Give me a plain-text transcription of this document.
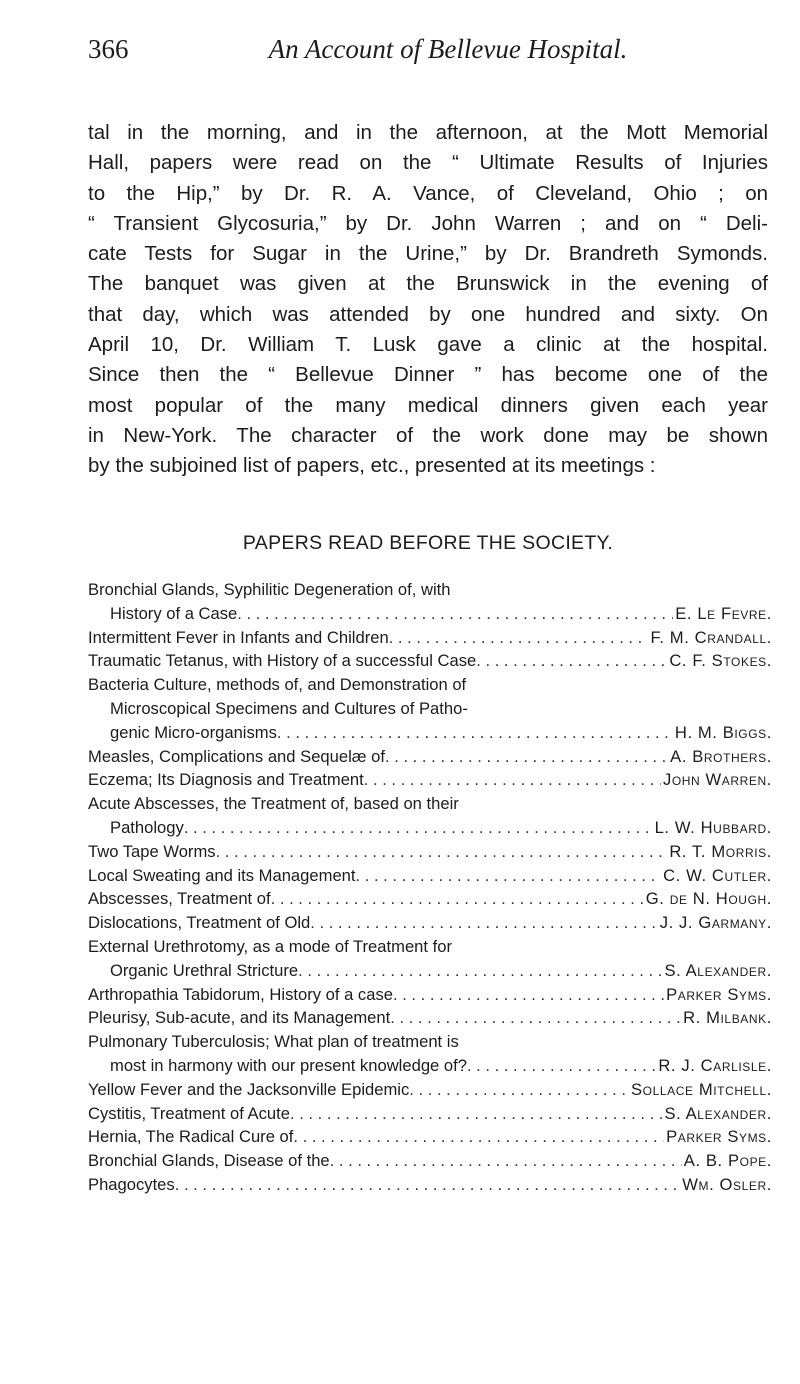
366	An Account of Bellevue Hospital.

tal in the morning, and in the afternoon, at the Mott Memorial
Hall, papers were read on the “ Ultimate Results of Injuries
to the Hip,” by Dr. R. A. Vance, of Cleveland, Ohio ; on
“ Transient Glycosuria,” by Dr. John Warren ; and on “ Deli-
cate Tests for Sugar in the Urine,” by Dr. Brandreth Symonds.
The banquet was given at the Brunswick in the evening of
that day, which was attended by one hundred and sixty. On
April 10, Dr. William T. Lusk gave a clinic at the hospital.
Since then the “ Bellevue Dinner ” has become one of the
most popular of the many medical dinners given each year
in New-York. The character of the work done may be shown
by the subjoined list of papers, etc., presented at its meetings :

PAPERS READ BEFORE THE SOCIETY.
Bronchial Glands, Syphilitic Degeneration of, with
History of a Case . . .	E. Le Fevre.
Intermittent Fever in Infants and Children . . .	F. M. Crandall.
Traumatic Tetanus, with History of a successful Case . . .	C. F. Stokes.
Bacteria Culture, methods of, and Demonstration of
Microscopical Specimens and Cultures of Patho-
genic Micro-organisms . . .	H. M. Biggs.
Measles, Complications and Sequelæ of . . .	A. Brothers.
Eczema; Its Diagnosis and Treatment . . .	John Warren.
Acute Abscesses, the Treatment of, based on their
Pathology . . .	L. W. Hubbard.
Two Tape Worms . . .	R. T. Morris.
Local Sweating and its Management . . .	C. W. Cutler.
Abscesses, Treatment of . . .	G. de N. Hough.
Dislocations, Treatment of Old . . .	J. J. Garmany.
External Urethrotomy, as a mode of Treatment for
Organic Urethral Stricture . . .	S. Alexander.
Arthropathia Tabidorum, History of a case . . .	Parker Syms.
Pleurisy, Sub-acute, and its Management . . .	R. Milbank.
Pulmonary Tuberculosis; What plan of treatment is
most in harmony with our present knowledge of? . . .	R. J. Carlisle.
Yellow Fever and the Jacksonville Epidemic . . .	Sollace Mitchell.
Cystitis, Treatment of Acute . . .	S. Alexander.
Hernia, The Radical Cure of . . .	Parker Syms.
Bronchial Glands, Disease of the . . .	A. B. Pope.
Phagocytes . . .	Wm. Osler.
